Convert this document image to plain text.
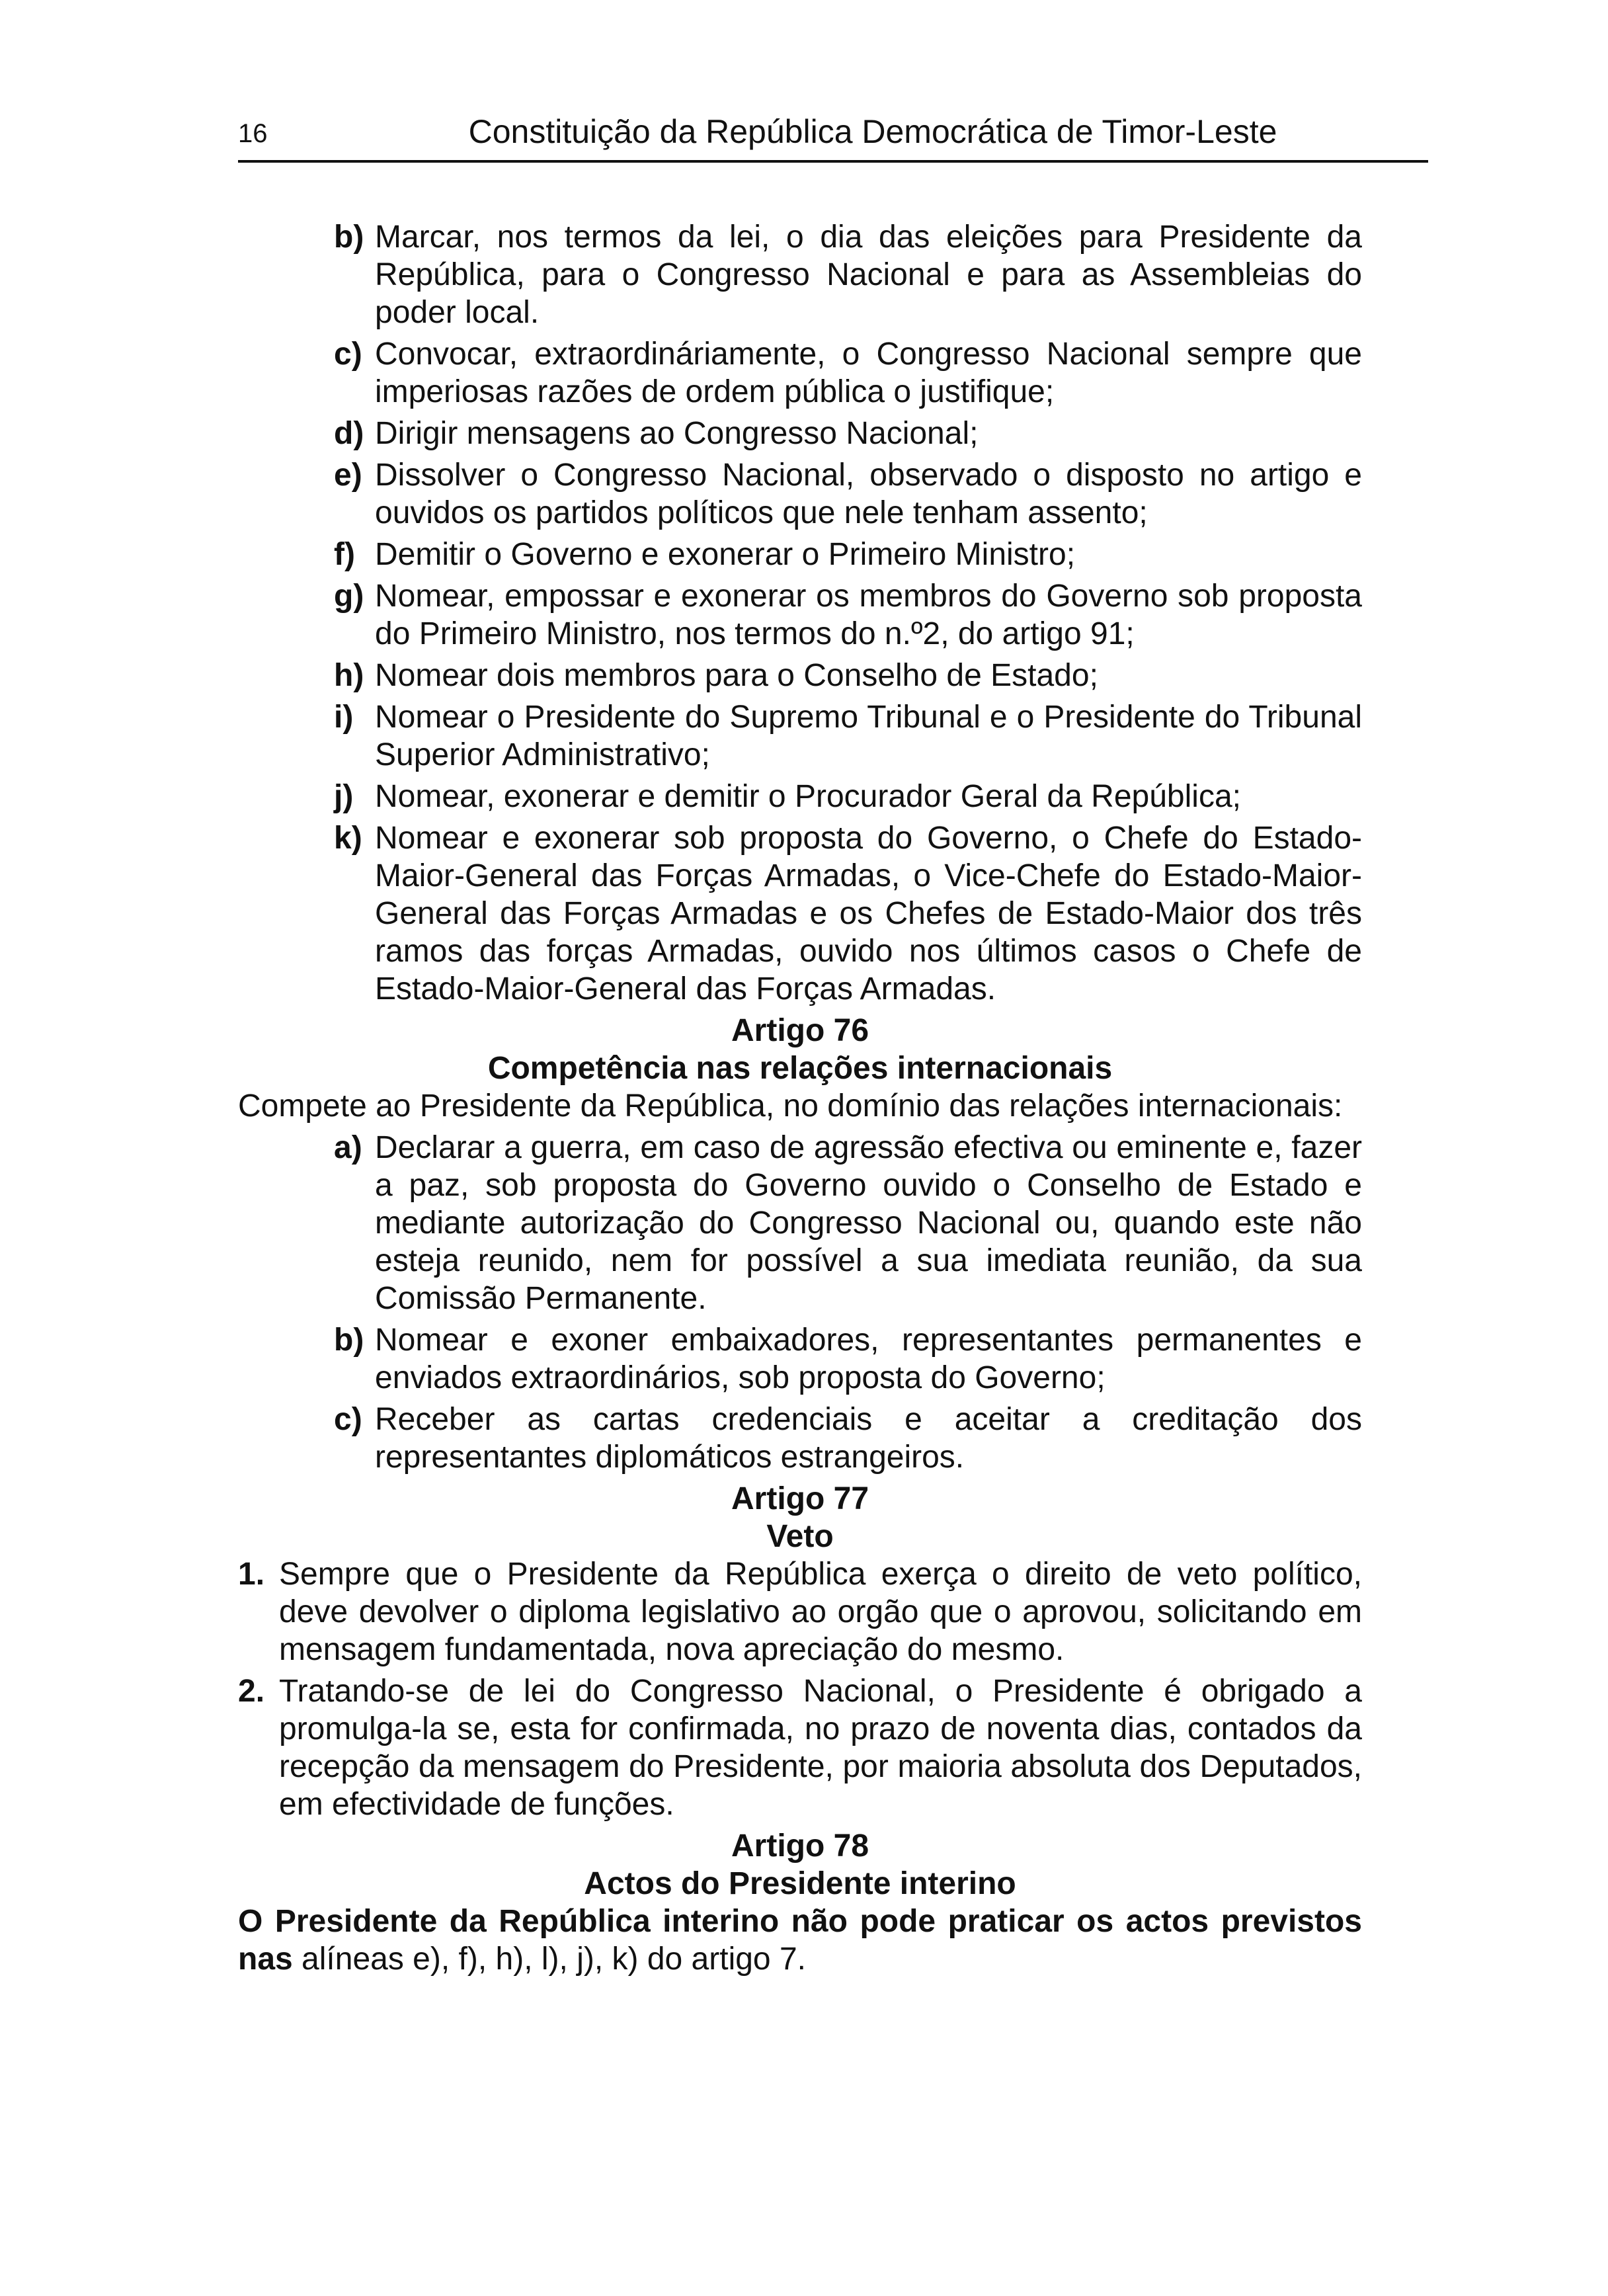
16	Constituição da República Democrática de Timor-Leste
b) Marcar, nos termos da lei, o dia das eleições para Presidente da República, para o Congresso Nacional e para as Assembleias do poder local.
c) Convocar, extraordináriamente, o Congresso Nacional sempre que imperiosas razões de ordem pública o justifique;
d) Dirigir mensagens ao Congresso Nacional;
e) Dissolver o Congresso Nacional, observado o disposto no artigo e ouvidos os partidos políticos que nele tenham assento;
f) Demitir o Governo e exonerar o Primeiro Ministro;
g) Nomear, empossar e exonerar os membros do Governo sob proposta do Primeiro Ministro, nos termos do n.º2, do artigo 91;
h) Nomear dois membros para o Conselho de Estado;
i) Nomear o Presidente do Supremo Tribunal e o Presidente do Tribunal Superior Administrativo;
j) Nomear, exonerar e demitir o Procurador Geral da República;
k) Nomear e exonerar sob proposta do Governo, o Chefe do Estado-Maior-General das Forças Armadas, o Vice-Chefe do Estado-Maior-General das Forças Armadas e os Chefes de Estado-Maior dos três ramos das forças Armadas, ouvido nos últimos casos o Chefe de Estado-Maior-General das Forças Armadas.
Artigo 76
Competência nas relações internacionais
Compete ao Presidente da República, no domínio das relações internacionais:
a) Declarar a guerra, em caso de agressão efectiva ou eminente e, fazer a paz, sob proposta do Governo ouvido o Conselho de Estado e mediante autorização do Congresso Nacional ou, quando este não esteja reunido, nem for possível a sua imediata reunião, da sua Comissão Permanente.
b) Nomear e exoner embaixadores, representantes permanentes e enviados extraordinários, sob proposta do Governo;
c) Receber as cartas credenciais e aceitar a creditação dos representantes diplomáticos estrangeiros.
Artigo 77
Veto
1. Sempre que o Presidente da República exerça o direito de veto político, deve devolver o diploma legislativo ao orgão que o aprovou, solicitando em mensagem fundamentada, nova apreciação do mesmo.
2. Tratando-se de lei do Congresso Nacional, o Presidente é obrigado a promulga-la se, esta for confirmada, no prazo de noventa dias, contados da recepção da mensagem do Presidente, por maioria absoluta dos Deputados, em efectividade de funções.
Artigo 78
Actos do Presidente interino
O Presidente da República interino não pode praticar os actos previstos nas alíneas e), f), h), l), j), k) do artigo 7.
